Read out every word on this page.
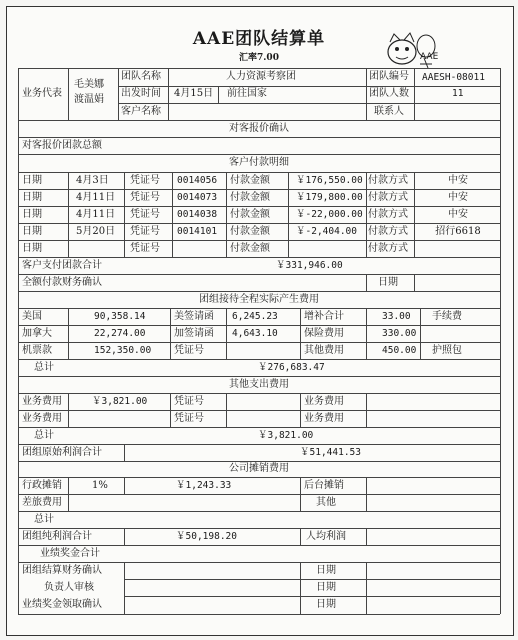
AAE团队结算单
汇率7.00	AAE
业务代表
毛美娜
渡温娟
团队名称	人力资源考察团	团队编号 AAESH-08011
出发时间 4月15日 前往国家	团队人数	11
客户名称	联系人
对客报价确认
对客报价团款总额
客户付款明细
日期	4月3日 凭证号 0014056 付款金额	￥176,550.00 付款方式	中安
日期	4月11日 凭证号 0014073 付款金额	￥179,800.00 付款方式	中安
日期	4月11日 凭证号 0014038 付款金额	￥-22,000.00 付款方式	中安
日期	5月20日 凭证号 0014101 付款金额	￥-2,404.00 付款方式	招行6618
日期	凭证号	付款金额	付款方式
客户支付团款合计	￥331,946.00
全额付款财务确认	日期
团组接待全程实际产生费用
美国	90,358.14	美签请函 6,245.23	增补合计	33.00 手续费
加拿大	22,274.00	加签请函 4,643.10	保险费用	330.00
机票款	152,350.00 凭证号	其他费用	450.00 护照包
总计	￥276,683.47
其他支出费用
业务费用	￥3,821.00	凭证号	业务费用
业务费用	凭证号	业务费用
总计	￥3,821.00
团组原始利润合计	￥51,441.53
公司摊销费用
行政摊销	1%	￥1,243.33	后台摊销
差旅费用	其他
总计
团组纯利润合计	￥50,198.20	人均利润
业绩奖金合计
团组结算财务确认	日期
负责人审核	日期
业绩奖金领取确认	日期
